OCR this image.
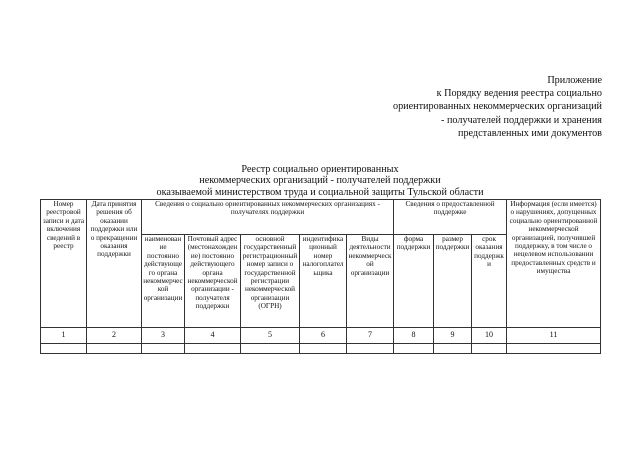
Приложение
к Порядку ведения реестра социально
ориентированных некоммерческих организаций
- получателей поддержки и хранения
представленных ими документов
Реестр социально ориентированных
некоммерческих организаций - получателей поддержки
оказываемой министерством труда и социальной защиты Тульской области
Номер реестровой записи и дата включения сведений в реестр	Дата принятия решения об оказании поддержки или о прекращении оказания поддержки	Сведения о социально ориентированных некоммерческих организациях - получателях поддержки					Сведения о предоставленной поддержке			Информация (если имеется) о нарушениях, допущенных социально ориентированной некоммерческой организацией, получившей поддержку, в том числе о нецелевом использовании предоставленных средств и имущества
		наименование постоянно действующего органа некоммерческой организации	Почтовый адрес (местонахождение) постоянно действующего органа некоммерческой организации - получателя поддержки	основной государственный регистрационный номер записи о государственной регистрации некоммерческой организации (ОГРН)	индентификационный номер налогоплательщика	Виды деятельности некоммерческой организации	форма поддержки	размер поддержки	срок оказания поддержки	
1	2	3	4	5	6	7	8	9	10	11
